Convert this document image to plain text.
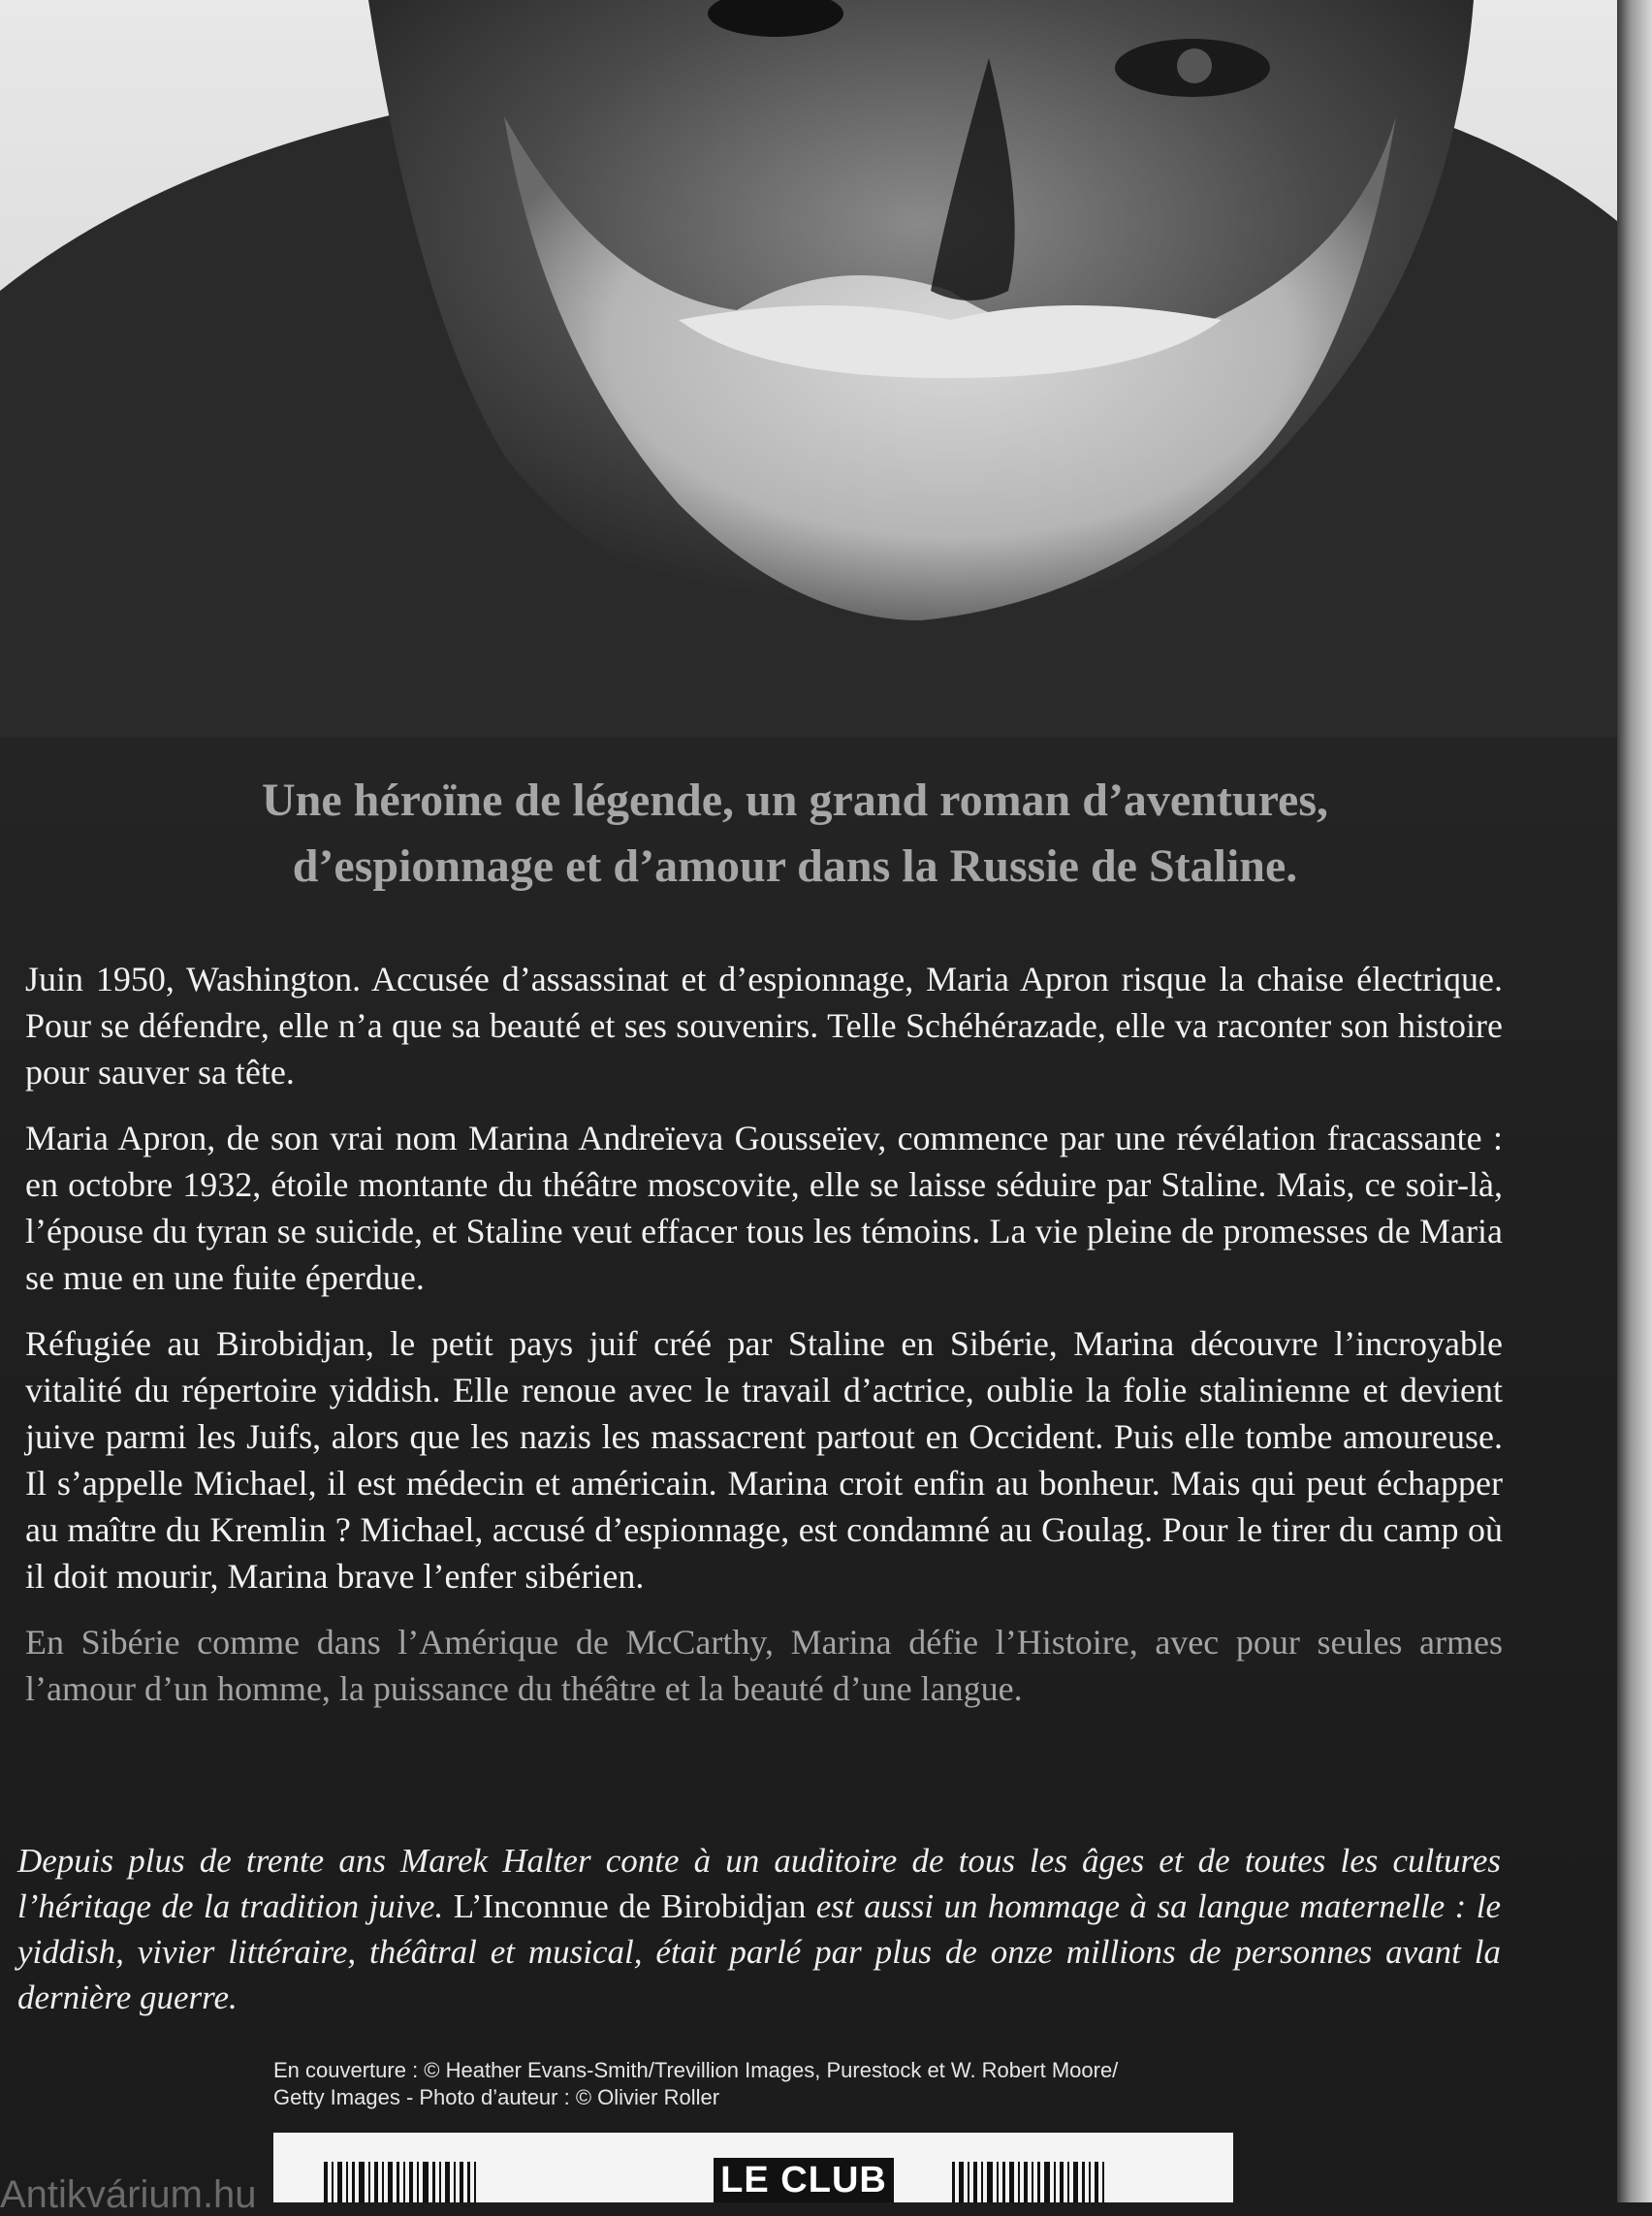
Une héroïne de légende, un grand roman d’aventures,
d’espionnage et d’amour dans la Russie de Staline.

Juin 1950, Washington. Accusée d’assassinat et d’espionnage, Maria Apron risque la chaise électrique. Pour se défendre, elle n’a que sa beauté et ses souvenirs. Telle Schéhérazade, elle va raconter son histoire pour sauver sa tête.

Maria Apron, de son vrai nom Marina Andreïeva Gousseïev, commence par une révélation fracassante : en octobre 1932, étoile montante du théâtre moscovite, elle se laisse séduire par Staline. Mais, ce soir-là, l’épouse du tyran se suicide, et Staline veut effacer tous les témoins. La vie pleine de promesses de Maria se mue en une fuite éperdue.

Réfugiée au Birobidjan, le petit pays juif créé par Staline en Sibérie, Marina découvre l’incroyable vitalité du répertoire yiddish. Elle renoue avec le travail d’actrice, oublie la folie stalinienne et devient juive parmi les Juifs, alors que les nazis les massacrent partout en Occident. Puis elle tombe amoureuse. Il s’appelle Michael, il est médecin et américain. Marina croit enfin au bonheur. Mais qui peut échapper au maître du Kremlin ? Michael, accusé d’espionnage, est condamné au Goulag. Pour le tirer du camp où il doit mourir, Marina brave l’enfer sibérien.

En Sibérie comme dans l’Amérique de McCarthy, Marina défie l’Histoire, avec pour seules armes l’amour d’un homme, la puissance du théâtre et la beauté d’une langue.

Depuis plus de trente ans Marek Halter conte à un auditoire de tous les âges et de toutes les cultures l’héritage de la tradition juive. L’Inconnue de Birobidjan est aussi un hommage à sa langue maternelle : le yiddish, vivier littéraire, théâtral et musical, était parlé par plus de onze millions de personnes avant la dernière guerre.
En couverture : © Heather Evans-Smith/Trevillion Images, Purestock et W. Robert Moore/
Getty Images - Photo d’auteur : © Olivier Roller
LE CLUB
Antikvárium.hu
